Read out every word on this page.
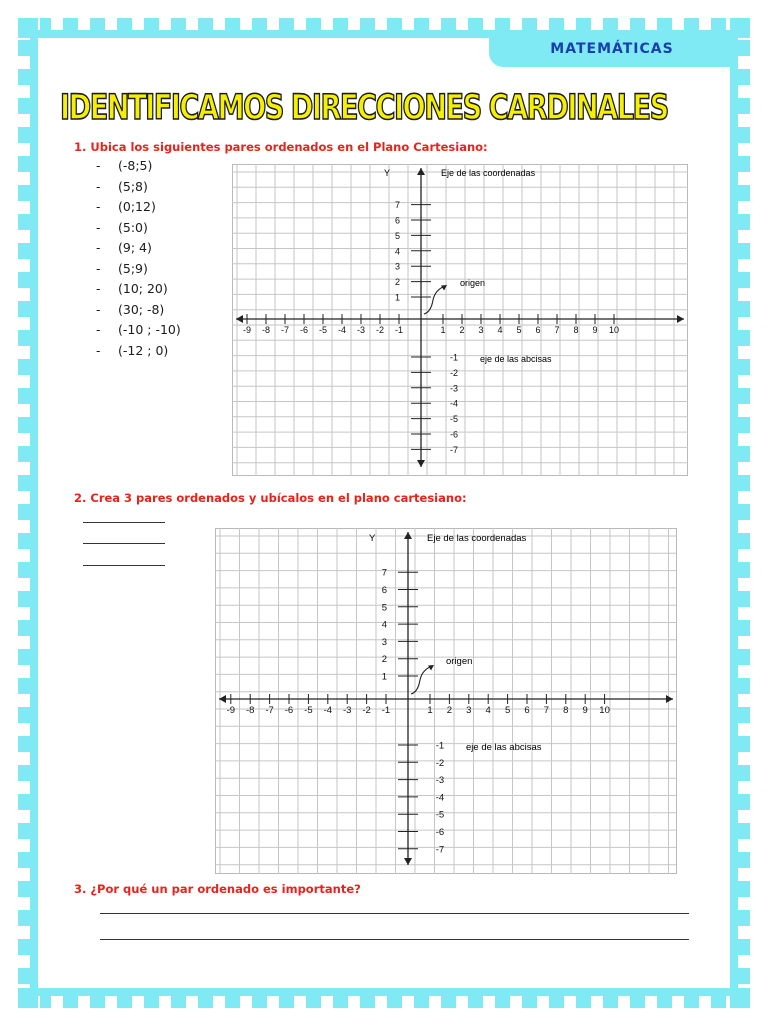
MATEMÁTICAS
IDENTIFICAMOS DIRECCIONES CARDINALES

1. Ubica los siguientes pares ordenados en el Plano Cartesiano:

-	(-8;5)
-	(5;8)
-	(0;12)
-	(5:0)
-	(9; 4)
-	(5;9)
-	(10; 20)
-	(30; -8)
-	(-10 ; -10)
-	(-12 ; 0)
Y	Eje de las coordenadas
eje de las abcisas
origen
-9 -8 -7 -6 -5 -4 -3 -2 -1	1 2 3 4 5 6 7 8 9 10
7
6
5
4
3
2
1
-1
-2
-3
-4
-5
-6
-7

2. Crea 3 pares ordenados y ubícalos en el plano cartesiano:

Y	Eje de las coordenadas
eje de las abcisas
origen
-9 -8 -7 -6 -5 -4 -3 -2 -1	1 2 3 4 5 6 7 8 9 10
7
6
5
4
3
2
1
-1
-2
-3
-4
-5
-6
-7

3. ¿Por qué un par ordenado es importante?
